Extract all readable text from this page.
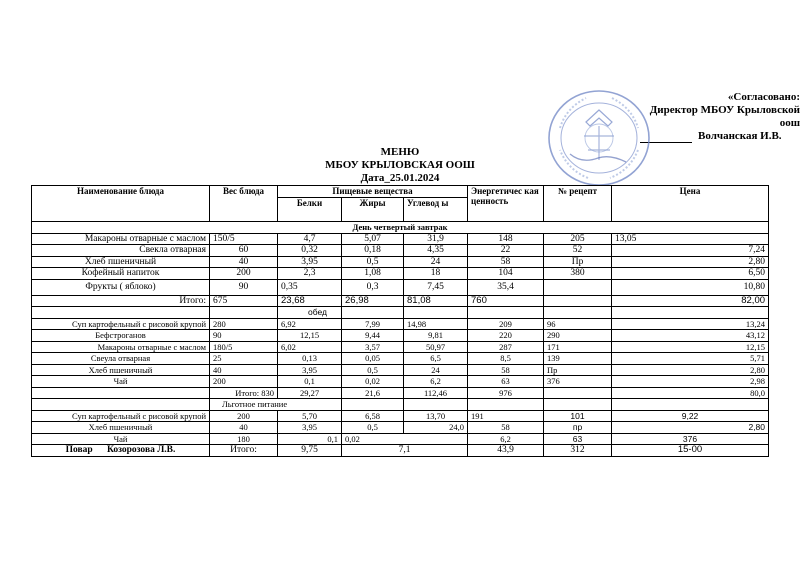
«Согласовано:
Директор МБОУ Крыловской оош
Волчанская И.В.
МЕНЮ
МБОУ КРЫЛОВСКАЯ ООШ
Дата_25.01.2024
Наименование блюда	Вес блюда	Пищевые вещества			Энергетичес кая ценность	№ рецепт	Цена
		Белки	Жиры	Углевод ы			
День четвертый завтрак							
Макароны отварные с маслом	150/5	4,7	5,07	31,9	148	205	13,05
Свекла отварная	60	0,32	0,18	4,35	22	52	7,24
Хлеб пшеничный	40	3,95	0,5	24	58	Пр	2,80
Кофейный напиток	200	2,3	1,08	18	104	380	6,50
Фрукты ( яблоко)	90	0,35	0,3	7,45	35,4		10,80
Итого:	675	23,68	26,98	81,08	760		82,00
		обед					
Суп картофельный с рисовой крупой	280	6,92	7,99	14,98	209	96	13,24
Бефстроганов	90	12,15	9,44	9,81	220	290	43,12
Макароны отварные с маслом	180/5	6,02	3,57	50,97	287	171	12,15
Свеула отварная	25	0,13	0,05	6,5	8,5	139	5,71
Хлеб пшеничный	40	3,95	0,5	24	58	Пр	2,80
Чай	200	0,1	0,02	6,2	63	376	2,98
	Итого: 830	29,27	21,6	112,46	976		80,0
	Льготное питание						
Суп картофельный с рисовой крупой	200	5,70	6,58	13,70	191	101	9,22
Хлеб пшеничный	40	3,95	0,5	24,0	58	пр	2,80
Чай	180	0,1	0,02		6,2	63	376
Повар Козорозова Л.В.	Итого:	9,75	7,1		43,9	312	15-00
